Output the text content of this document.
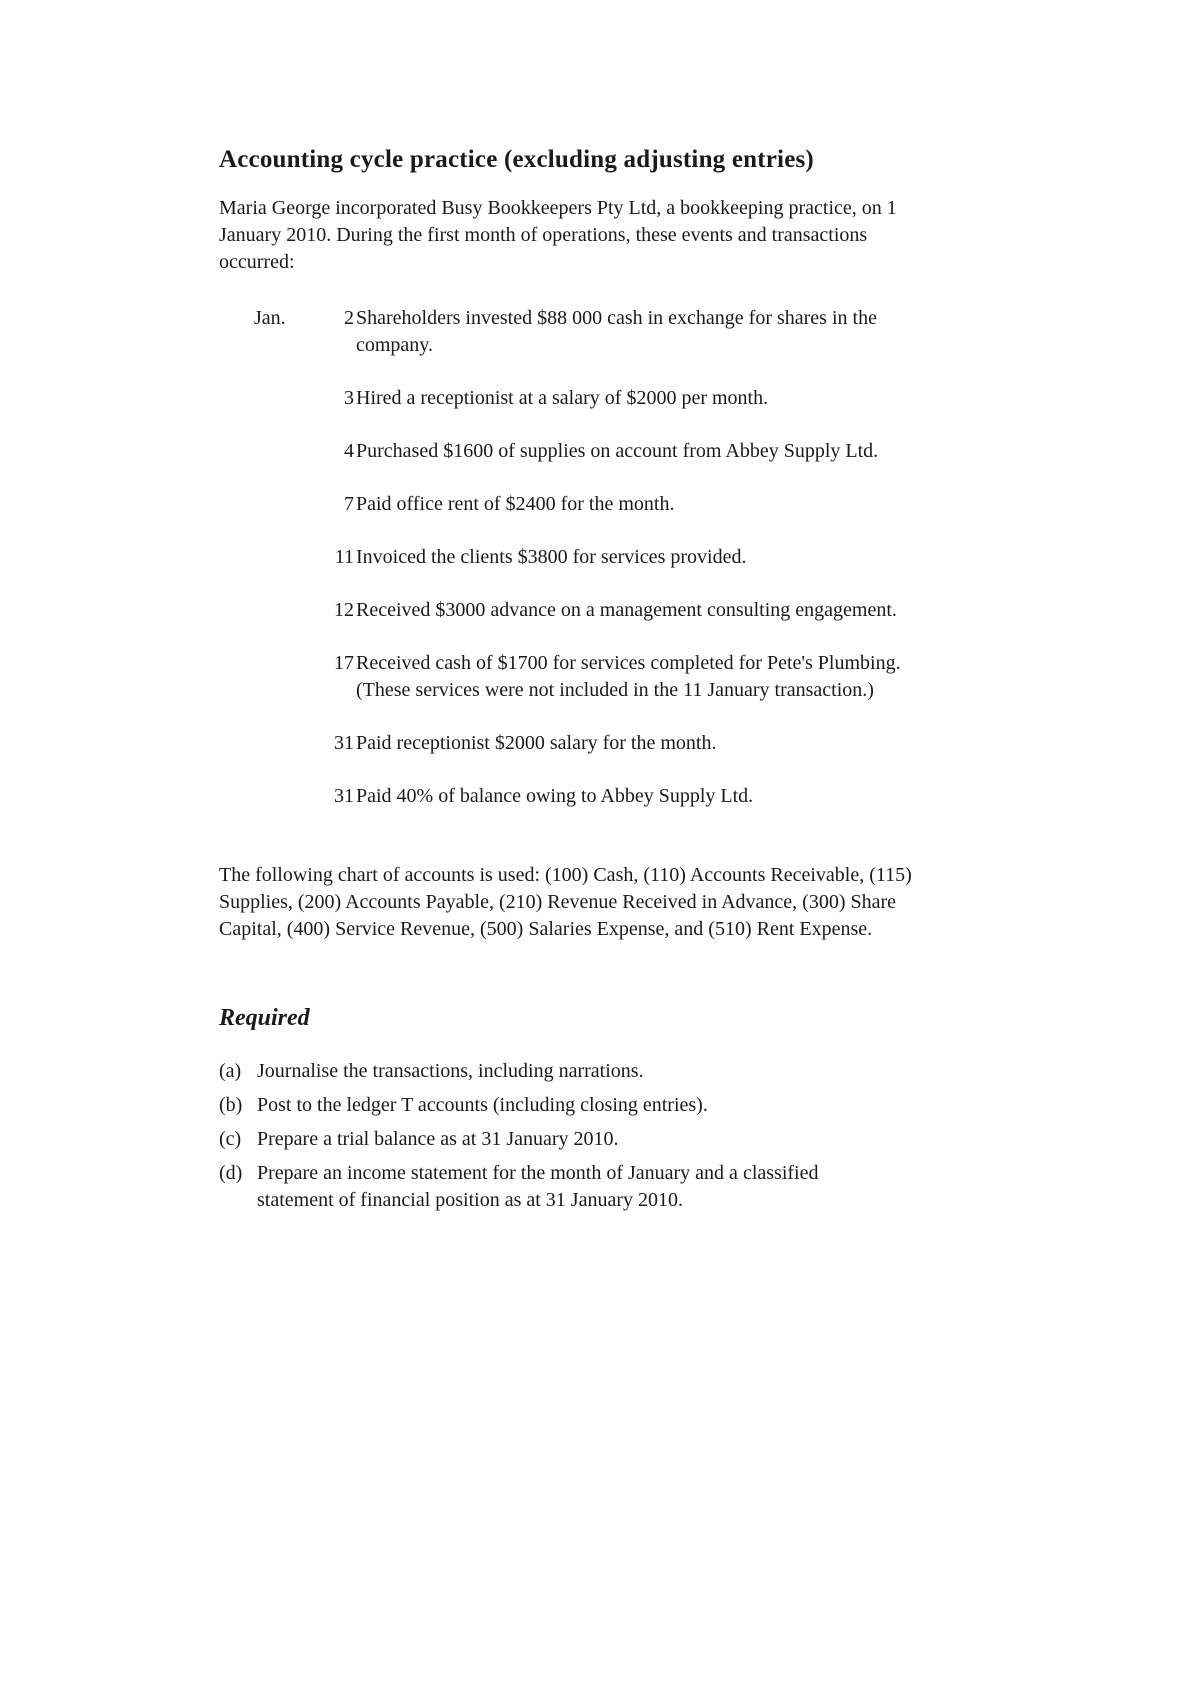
Accounting cycle practice (excluding adjusting entries)
Maria George incorporated Busy Bookkeepers Pty Ltd, a bookkeeping practice, on 1
January 2010. During the first month of operations, these events and transactions
occurred:
Jan.	2 Shareholders invested $88 000 cash in exchange for shares in the
company.
3 Hired a receptionist at a salary of $2000 per month.
4 Purchased $1600 of supplies on account from Abbey Supply Ltd.
7 Paid office rent of $2400 for the month.
11 Invoiced the clients $3800 for services provided.
12 Received $3000 advance on a management consulting engagement.
17 Received cash of $1700 for services completed for Pete's Plumbing.
(These services were not included in the 11 January transaction.)
31 Paid receptionist $2000 salary for the month.
31 Paid 40% of balance owing to Abbey Supply Ltd.
The following chart of accounts is used: (100) Cash, (110) Accounts Receivable, (115)
Supplies, (200) Accounts Payable, (210) Revenue Received in Advance, (300) Share
Capital, (400) Service Revenue, (500) Salaries Expense, and (510) Rent Expense.
Required
(a) Journalise the transactions, including narrations.
(b) Post to the ledger T accounts (including closing entries).
(c) Prepare a trial balance as at 31 January 2010.
(d) Prepare an income statement for the month of January and a classified
statement of financial position as at 31 January 2010.
